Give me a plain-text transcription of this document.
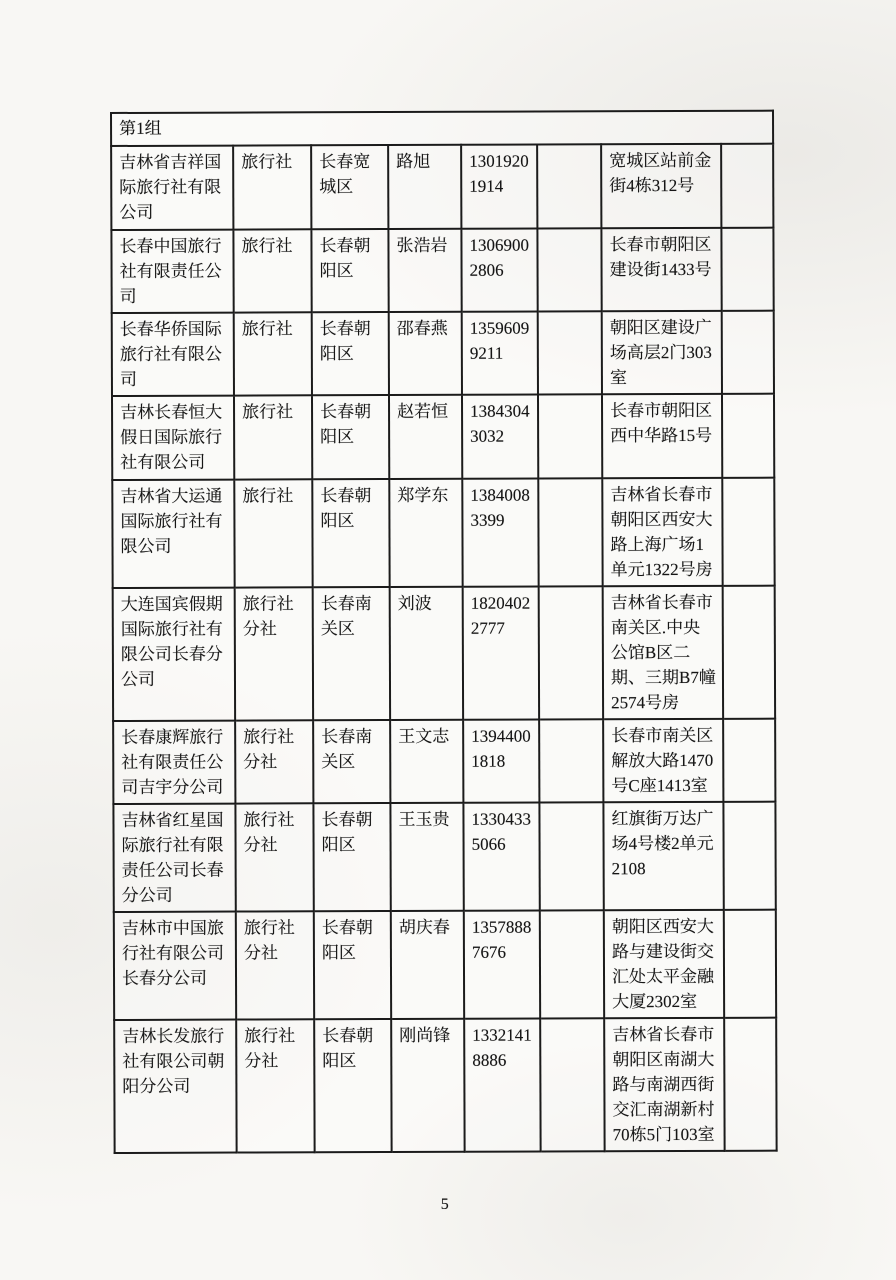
第1组							
吉林省吉祥国际旅行社有限公司	旅行社	长春宽城区	路旭	13019201914		宽城区站前金街4栋312号	
长春中国旅行社有限责任公司	旅行社	长春朝阳区	张浩岩	13069002806		长春市朝阳区建设街1433号	
长春华侨国际旅行社有限公司	旅行社	长春朝阳区	邵春燕	13596099211		朝阳区建设广场高层2门303室	
吉林长春恒大假日国际旅行社有限公司	旅行社	长春朝阳区	赵若恒	13843043032		长春市朝阳区西中华路15号	
吉林省大运通国际旅行社有限公司	旅行社	长春朝阳区	郑学东	13840083399		吉林省长春市朝阳区西安大路上海广场1单元1322号房	
大连国宾假期国际旅行社有限公司长春分公司	旅行社分社	长春南关区	刘波	18204022777		吉林省长春市南关区.中央公馆B区二期、三期B7幢2574号房	
长春康辉旅行社有限责任公司吉宇分公司	旅行社分社	长春南关区	王文志	13944001818		长春市南关区解放大路1470号C座1413室	
吉林省红星国际旅行社有限责任公司长春分公司	旅行社分社	长春朝阳区	王玉贵	13304335066		红旗街万达广场4号楼2单元2108	
吉林市中国旅行社有限公司长春分公司	旅行社分社	长春朝阳区	胡庆春	13578887676		朝阳区西安大路与建设街交汇处太平金融大厦2302室	
吉林长发旅行社有限公司朝阳分公司	旅行社分社	长春朝阳区	刚尚锋	13321418886		吉林省长春市朝阳区南湖大路与南湖西街交汇南湖新村70栋5门103室	
5
